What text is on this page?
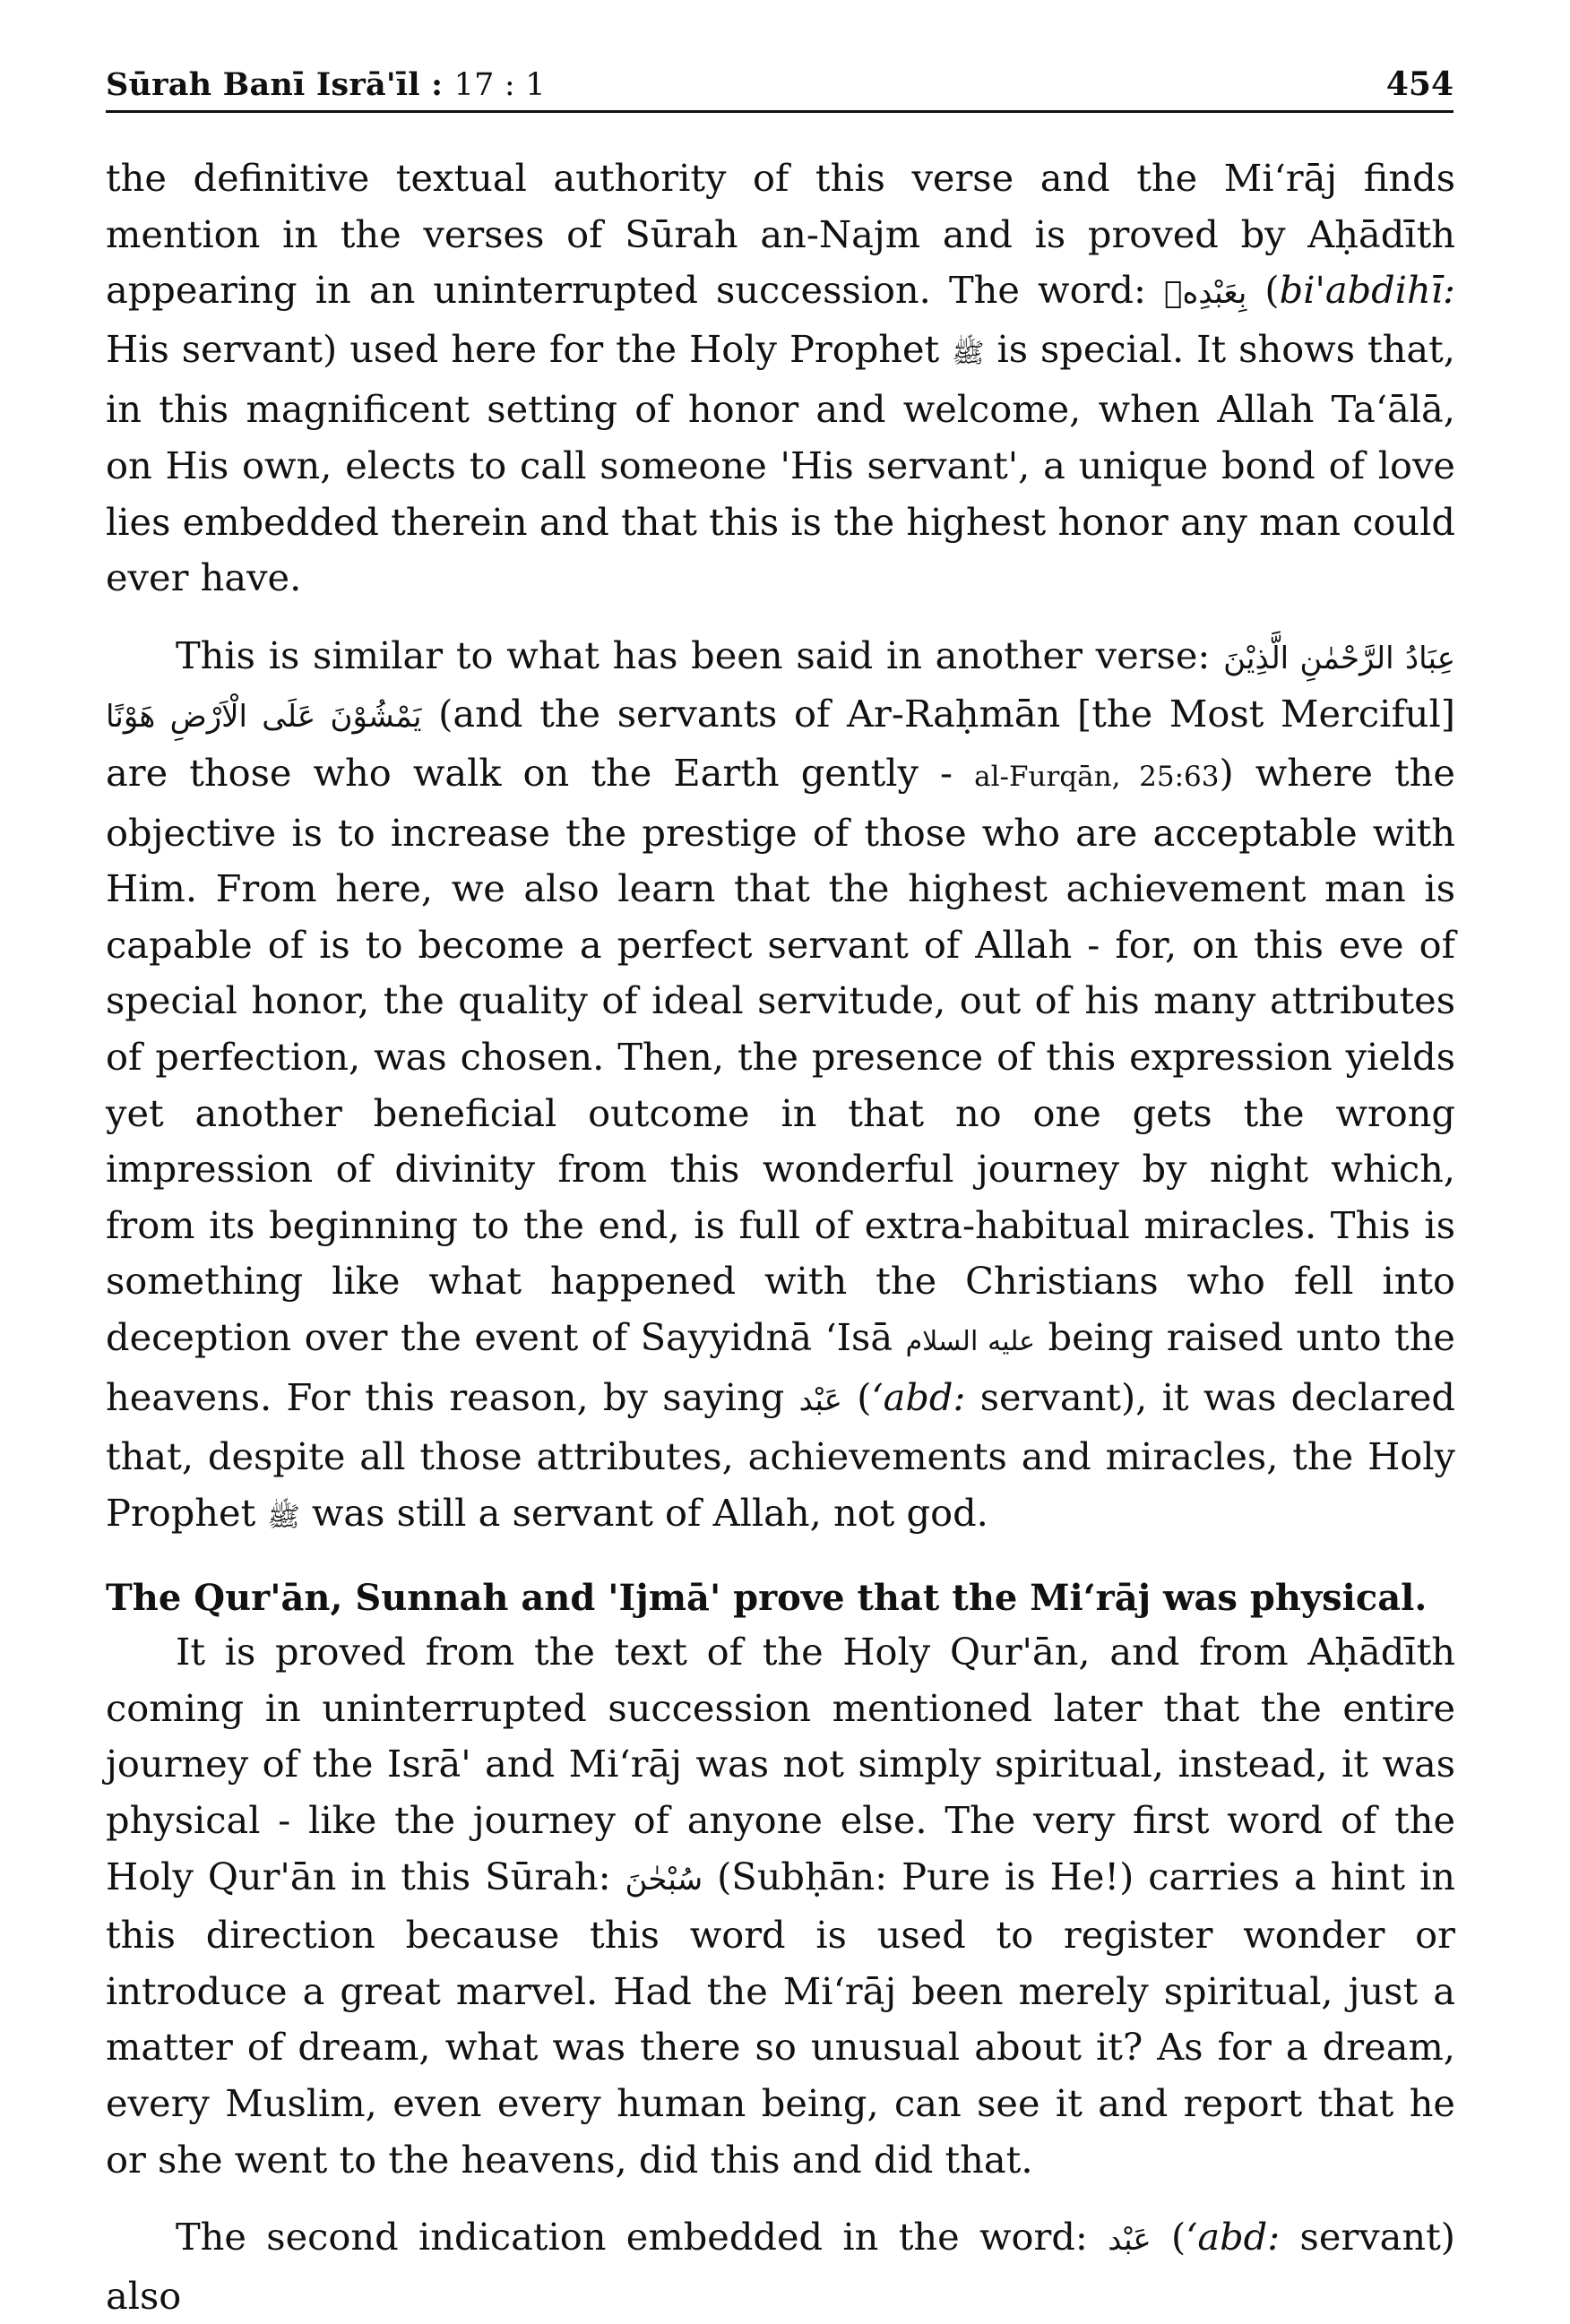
Sūrah Banī Isrā'īl : 17 : 1	454

the definitive textual authority of this verse and the Mi‘rāj finds mention in the verses of Sūrah an-Najm and is proved by Aḥādīth appearing in an uninterrupted succession. The word: بِعَبْدِهٖ (bi'abdihī: His servant) used here for the Holy Prophet ﷺ is special. It shows that, in this magnificent setting of honor and welcome, when Allah Ta‘ālā, on His own, elects to call someone 'His servant', a unique bond of love lies embedded therein and that this is the highest honor any man could ever have.

This is similar to what has been said in another verse: عِبَادُ الرَّحْمٰنِ الَّذِيْنَ يَمْشُوْنَ عَلَى الْاَرْضِ هَوْنًا (and the servants of Ar-Raḥmān [the Most Merciful] are those who walk on the Earth gently - al-Furqān, 25:63) where the objective is to increase the prestige of those who are acceptable with Him. From here, we also learn that the highest achievement man is capable of is to become a perfect servant of Allah - for, on this eve of special honor, the quality of ideal servitude, out of his many attributes of perfection, was chosen. Then, the presence of this expression yields yet another beneficial outcome in that no one gets the wrong impression of divinity from this wonderful journey by night which, from its beginning to the end, is full of extra-habitual miracles. This is something like what happened with the Christians who fell into deception over the event of Sayyidnā ‘Isā عليه السلام being raised unto the heavens. For this reason, by saying عَبْد (‘abd: servant), it was declared that, despite all those attributes, achievements and miracles, the Holy Prophet ﷺ was still a servant of Allah, not god.

The Qur'ān, Sunnah and 'Ijmā' prove that the Mi‘rāj was physical.

It is proved from the text of the Holy Qur'ān, and from Aḥādīth coming in uninterrupted succession mentioned later that the entire journey of the Isrā' and Mi‘rāj was not simply spiritual, instead, it was physical - like the journey of anyone else. The very first word of the Holy Qur'ān in this Sūrah: سُبْحٰنَ (Subḥān: Pure is He!) carries a hint in this direction because this word is used to register wonder or introduce a great marvel. Had the Mi‘rāj been merely spiritual, just a matter of dream, what was there so unusual about it? As for a dream, every Muslim, even every human being, can see it and report that he or she went to the heavens, did this and did that.

The second indication embedded in the word: عَبْد (‘abd: servant) also
